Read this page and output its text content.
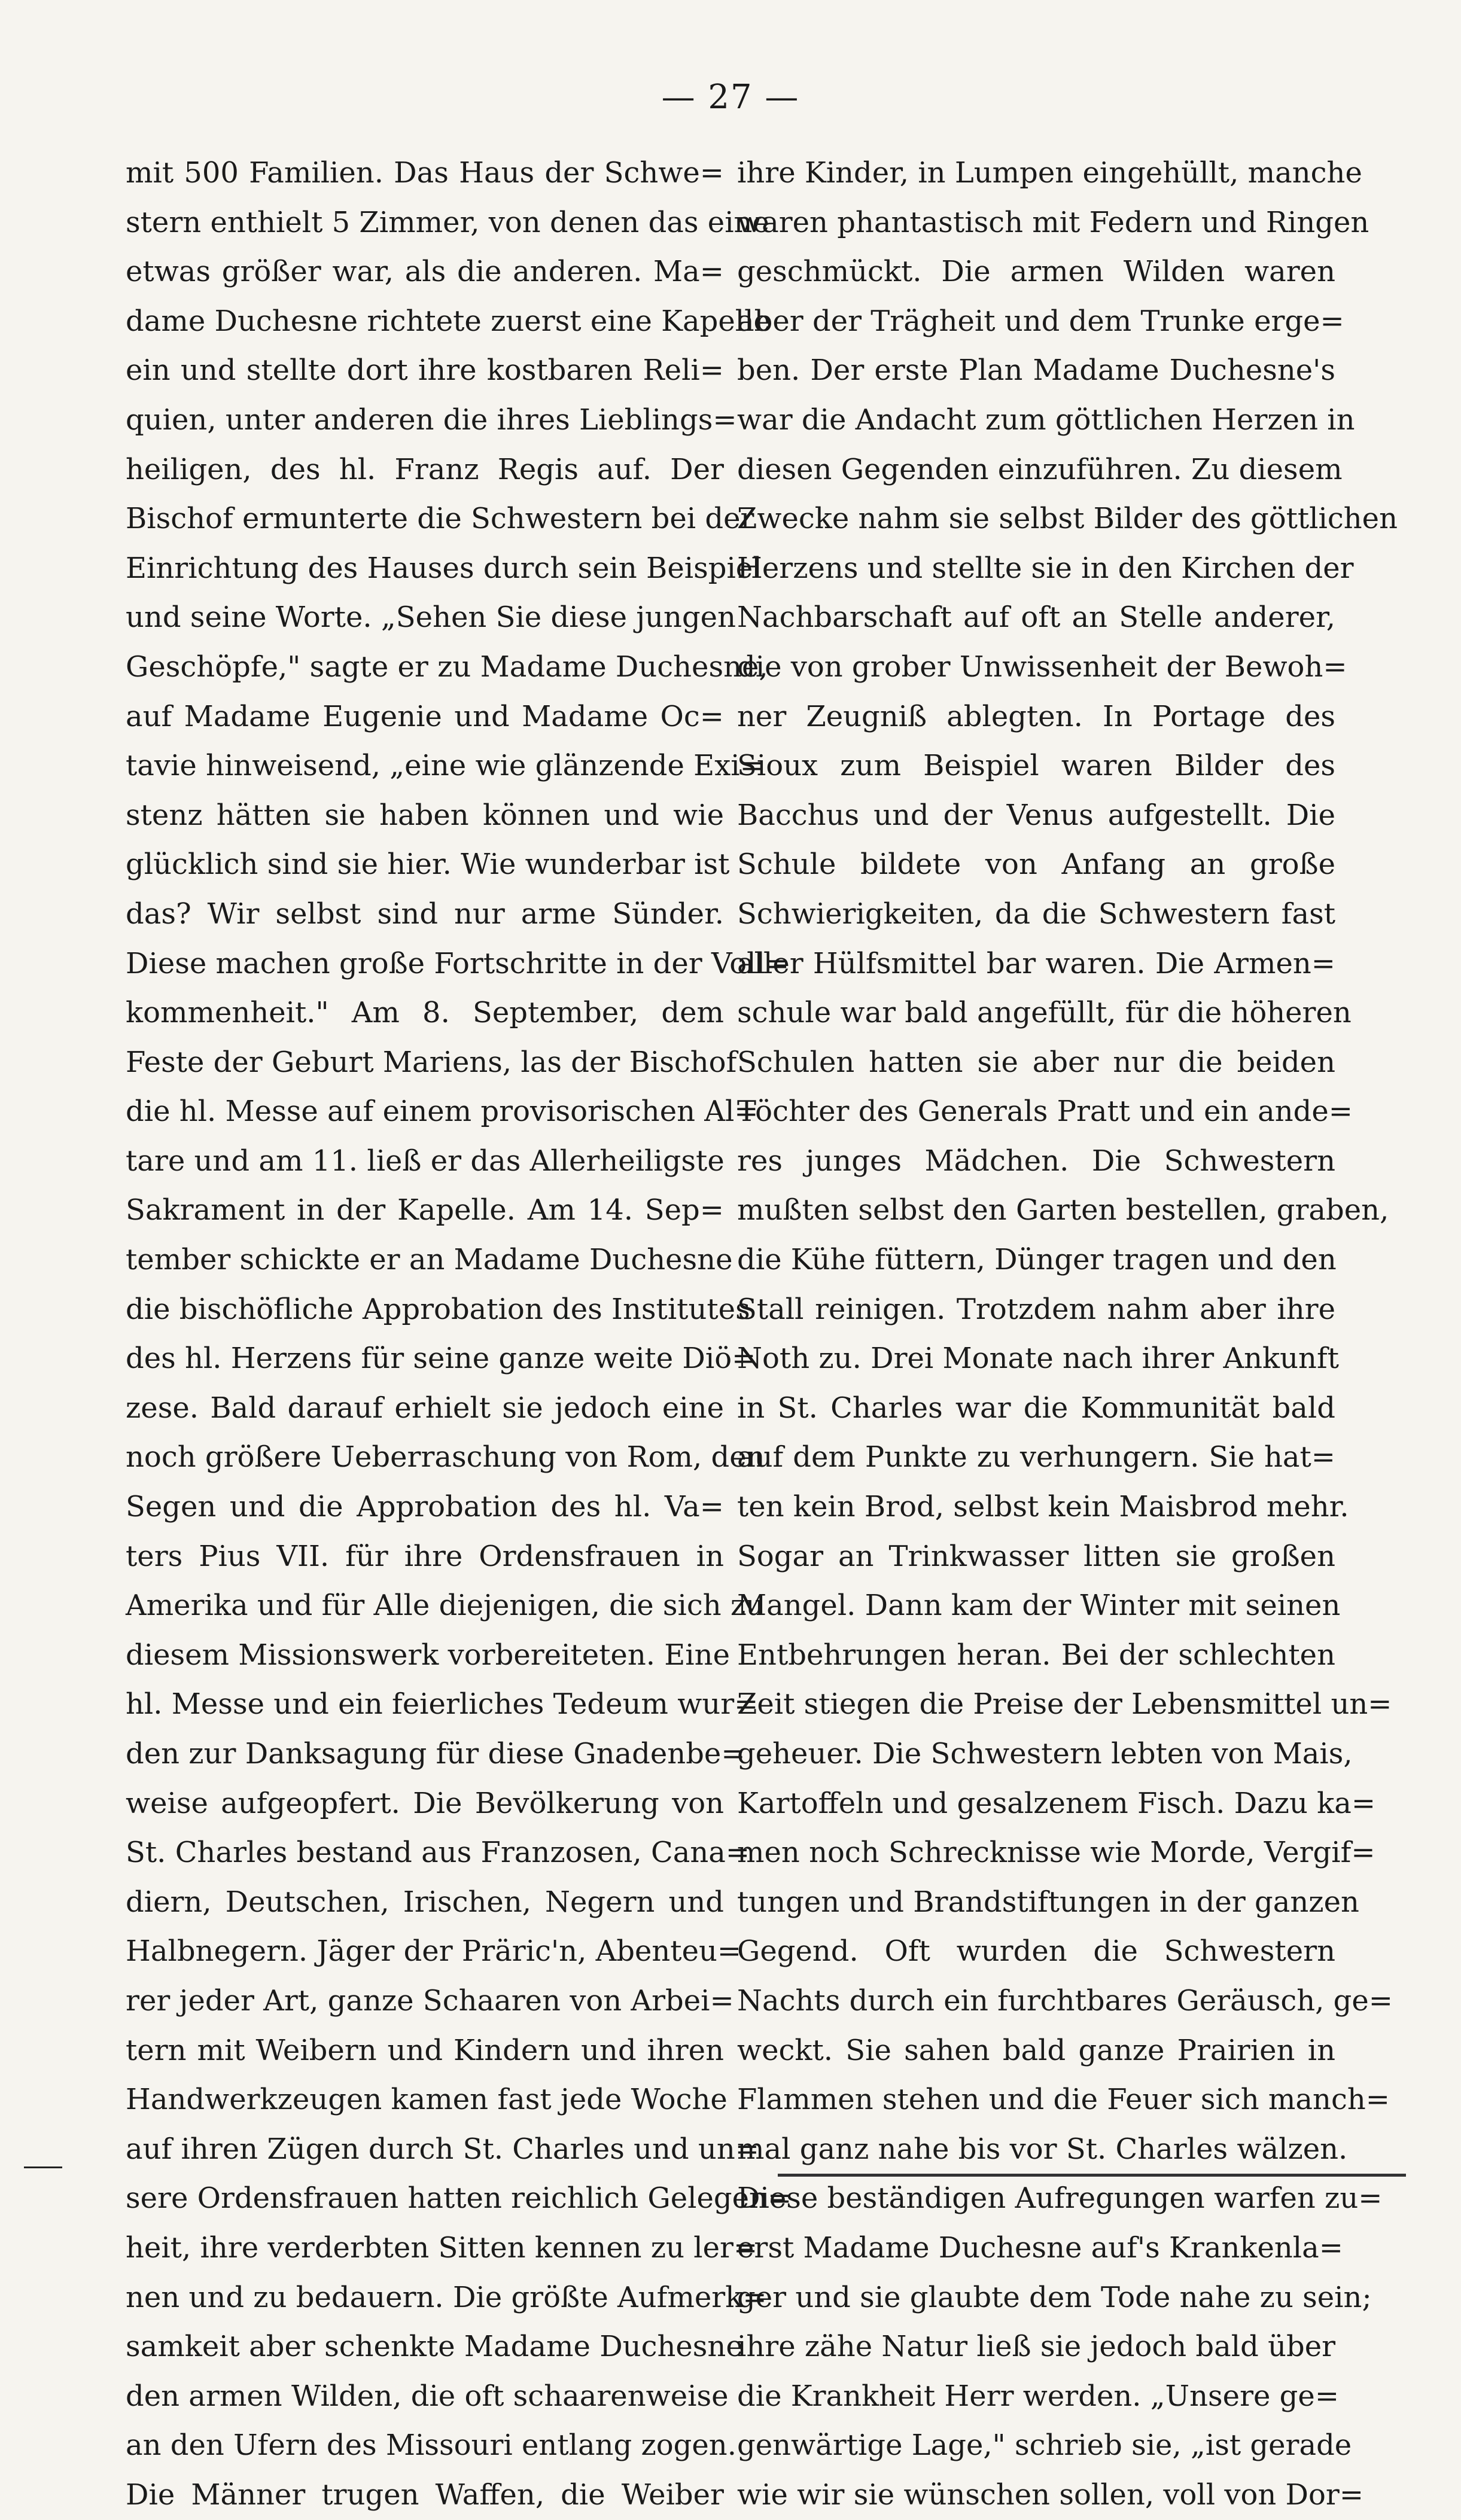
— 27 —
mit 500 Familien. Das Haus der Schwe=
stern enthielt 5 Zimmer, von denen das eine
etwas größer war, als die anderen. Ma=
dame Duchesne richtete zuerst eine Kapelle
ein und stellte dort ihre kostbaren Reli=
quien, unter anderen die ihres Lieblings=
heiligen, des hl. Franz Regis auf. Der
Bischof ermunterte die Schwestern bei der
Einrichtung des Hauses durch sein Beispiel
und seine Worte. „Sehen Sie diese jungen
Geschöpfe," sagte er zu Madame Duchesne,
auf Madame Eugenie und Madame Oc=
tavie hinweisend, „eine wie glänzende Exi=
stenz hätten sie haben können und wie
glücklich sind sie hier. Wie wunderbar ist
das? Wir selbst sind nur arme Sünder.
Diese machen große Fortschritte in der Voll=
kommenheit." Am 8. September, dem
Feste der Geburt Mariens, las der Bischof
die hl. Messe auf einem provisorischen Al=
tare und am 11. ließ er das Allerheiligste
Sakrament in der Kapelle. Am 14. Sep=
tember schickte er an Madame Duchesne
die bischöfliche Approbation des Institutes
des hl. Herzens für seine ganze weite Diö=
zese. Bald darauf erhielt sie jedoch eine
noch größere Ueberraschung von Rom, den
Segen und die Approbation des hl. Va=
ters Pius VII. für ihre Ordensfrauen in
Amerika und für Alle diejenigen, die sich zu
diesem Missionswerk vorbereiteten. Eine
hl. Messe und ein feierliches Tedeum wur=
den zur Danksagung für diese Gnadenbe=
weise aufgeopfert. Die Bevölkerung von
St. Charles bestand aus Franzosen, Cana=
diern, Deutschen, Irischen, Negern und
Halbnegern. Jäger der Präric'n, Abenteu=
rer jeder Art, ganze Schaaren von Arbei=
tern mit Weibern und Kindern und ihren
Handwerkzeugen kamen fast jede Woche
auf ihren Zügen durch St. Charles und un=
sere Ordensfrauen hatten reichlich Gelegen=
heit, ihre verderbten Sitten kennen zu ler=
nen und zu bedauern. Die größte Aufmerk=
samkeit aber schenkte Madame Duchesne
den armen Wilden, die oft schaarenweise
an den Ufern des Missouri entlang zogen.
Die Männer trugen Waffen, die Weiber
ihre Kinder, in Lumpen eingehüllt, manche
waren phantastisch mit Federn und Ringen
geschmückt. Die armen Wilden waren
aber der Trägheit und dem Trunke erge=
ben. Der erste Plan Madame Duchesne's
war die Andacht zum göttlichen Herzen in
diesen Gegenden einzuführen. Zu diesem
Zwecke nahm sie selbst Bilder des göttlichen
Herzens und stellte sie in den Kirchen der
Nachbarschaft auf oft an Stelle anderer,
die von grober Unwissenheit der Bewoh=
ner Zeugniß ablegten. In Portage des
Sioux zum Beispiel waren Bilder des
Bacchus und der Venus aufgestellt. Die
Schule bildete von Anfang an große
Schwierigkeiten, da die Schwestern fast
aller Hülfsmittel bar waren. Die Armen=
schule war bald angefüllt, für die höheren
Schulen hatten sie aber nur die beiden
Töchter des Generals Pratt und ein ande=
res junges Mädchen. Die Schwestern
mußten selbst den Garten bestellen, graben,
die Kühe füttern, Dünger tragen und den
Stall reinigen. Trotzdem nahm aber ihre
Noth zu. Drei Monate nach ihrer Ankunft
in St. Charles war die Kommunität bald
auf dem Punkte zu verhungern. Sie hat=
ten kein Brod, selbst kein Maisbrod mehr.
Sogar an Trinkwasser litten sie großen
Mangel. Dann kam der Winter mit seinen
Entbehrungen heran. Bei der schlechten
Zeit stiegen die Preise der Lebensmittel un=
geheuer. Die Schwestern lebten von Mais,
Kartoffeln und gesalzenem Fisch. Dazu ka=
men noch Schrecknisse wie Morde, Vergif=
tungen und Brandstiftungen in der ganzen
Gegend. Oft wurden die Schwestern
Nachts durch ein furchtbares Geräusch, ge=
weckt. Sie sahen bald ganze Prairien in
Flammen stehen und die Feuer sich manch=
mal ganz nahe bis vor St. Charles wälzen.
Diese beständigen Aufregungen warfen zu=
erst Madame Duchesne auf's Krankenla=
ger und sie glaubte dem Tode nahe zu sein;
ihre zähe Natur ließ sie jedoch bald über
die Krankheit Herr werden. „Unsere ge=
genwärtige Lage," schrieb sie, „ist gerade
wie wir sie wünschen sollen, voll von Dor=
